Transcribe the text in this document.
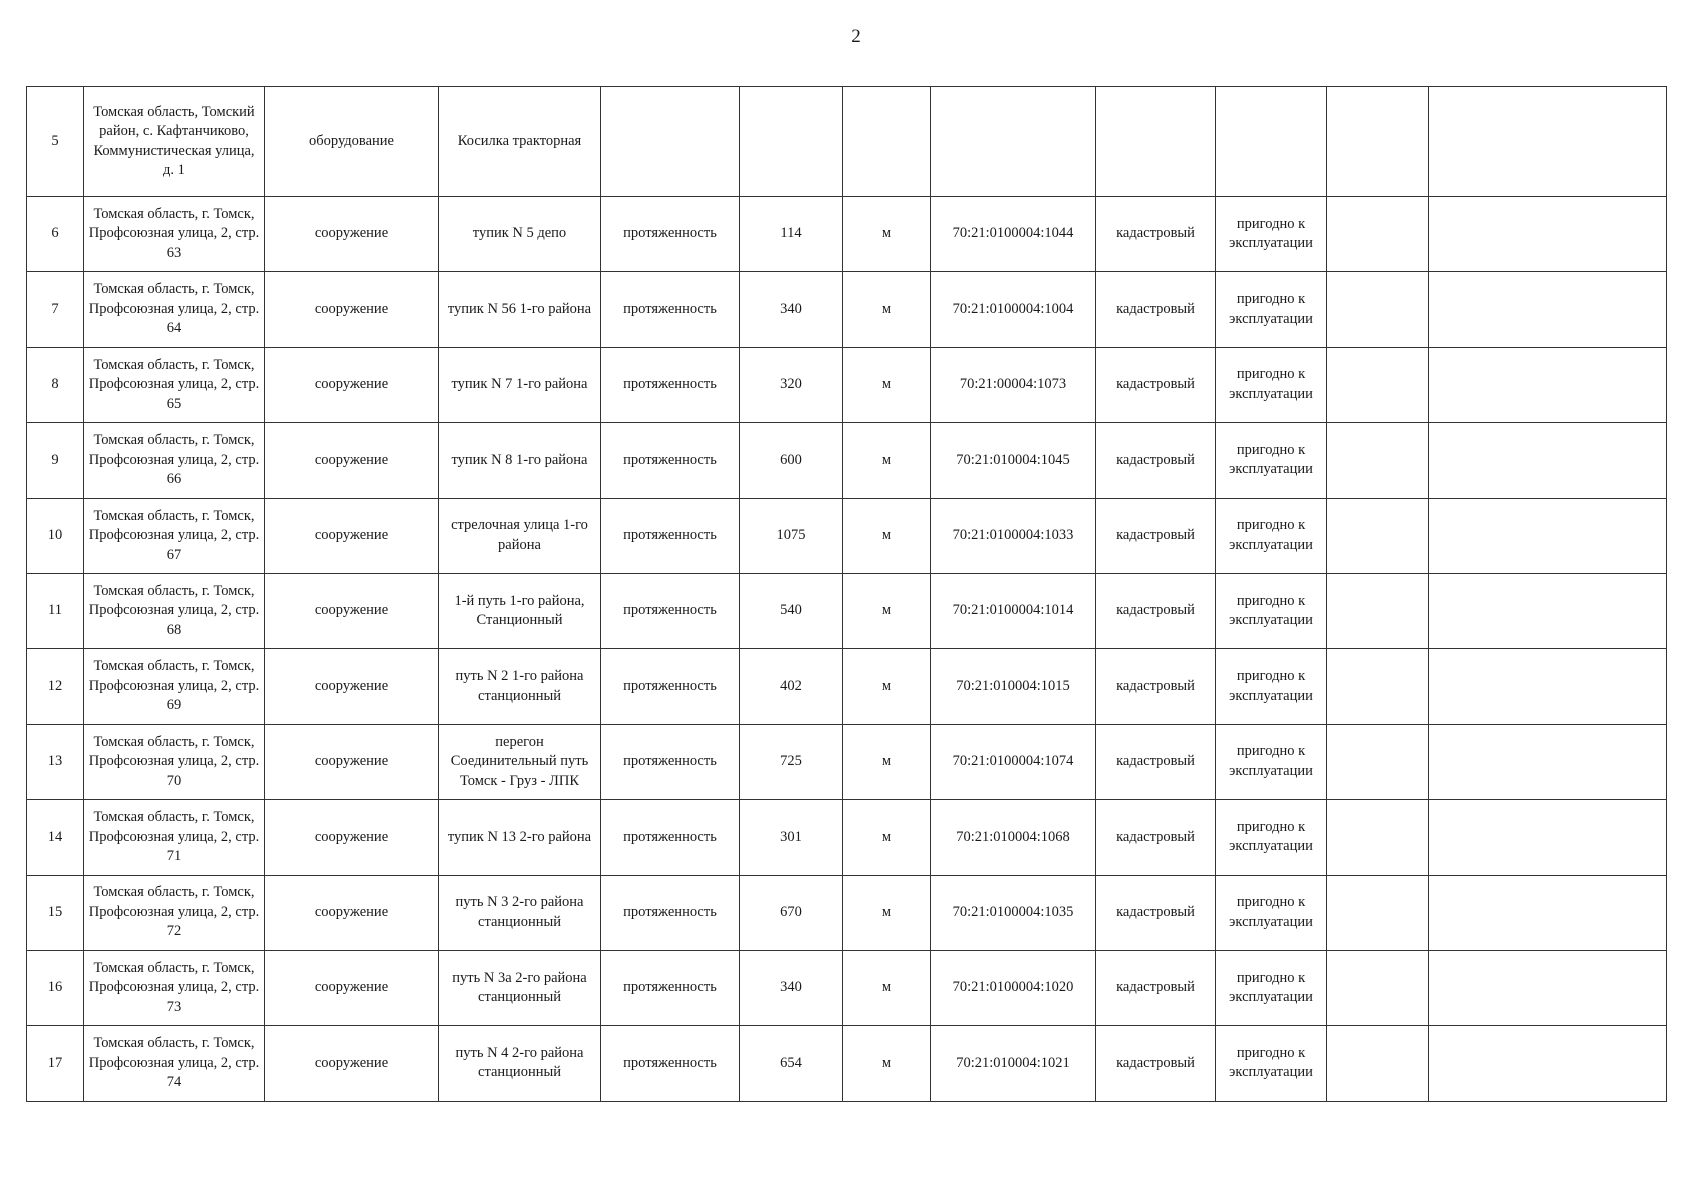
2
5	Томская область, Томский район, с. Кафтанчиково, Коммунистическая улица, д. 1	оборудование	Косилка тракторная								
6	Томская область, г. Томск, Профсоюзная улица, 2, стр. 63	сооружение	тупик N 5 депо	протяженность	114	м	70:21:0100004:1044	кадастровый	пригодно к эксплуатации		
7	Томская область, г. Томск, Профсоюзная улица, 2, стр. 64	сооружение	тупик N 56 1-го района	протяженность	340	м	70:21:0100004:1004	кадастровый	пригодно к эксплуатации		
8	Томская область, г. Томск, Профсоюзная улица, 2, стр. 65	сооружение	тупик N 7 1-го района	протяженность	320	м	70:21:00004:1073	кадастровый	пригодно к эксплуатации		
9	Томская область, г. Томск, Профсоюзная улица, 2, стр. 66	сооружение	тупик N 8 1-го района	протяженность	600	м	70:21:010004:1045	кадастровый	пригодно к эксплуатации		
10	Томская область, г. Томск, Профсоюзная улица, 2, стр. 67	сооружение	стрелочная улица 1-го района	протяженность	1075	м	70:21:0100004:1033	кадастровый	пригодно к эксплуатации		
11	Томская область, г. Томск, Профсоюзная улица, 2, стр. 68	сооружение	1-й путь 1-го района, Станционный	протяженность	540	м	70:21:0100004:1014	кадастровый	пригодно к эксплуатации		
12	Томская область, г. Томск, Профсоюзная улица, 2, стр. 69	сооружение	путь N 2 1-го района станционный	протяженность	402	м	70:21:010004:1015	кадастровый	пригодно к эксплуатации		
13	Томская область, г. Томск, Профсоюзная улица, 2, стр. 70	сооружение	перегон Соединительный путь Томск - Груз - ЛПК	протяженность	725	м	70:21:0100004:1074	кадастровый	пригодно к эксплуатации		
14	Томская область, г. Томск, Профсоюзная улица, 2, стр. 71	сооружение	тупик N 13 2-го района	протяженность	301	м	70:21:010004:1068	кадастровый	пригодно к эксплуатации		
15	Томская область, г. Томск, Профсоюзная улица, 2, стр. 72	сооружение	путь N 3 2-го района станционный	протяженность	670	м	70:21:0100004:1035	кадастровый	пригодно к эксплуатации		
16	Томская область, г. Томск, Профсоюзная улица, 2, стр. 73	сооружение	путь N 3а 2-го района станционный	протяженность	340	м	70:21:0100004:1020	кадастровый	пригодно к эксплуатации		
17	Томская область, г. Томск, Профсоюзная улица, 2, стр. 74	сооружение	путь N 4 2-го района станционный	протяженность	654	м	70:21:010004:1021	кадастровый	пригодно к эксплуатации		
